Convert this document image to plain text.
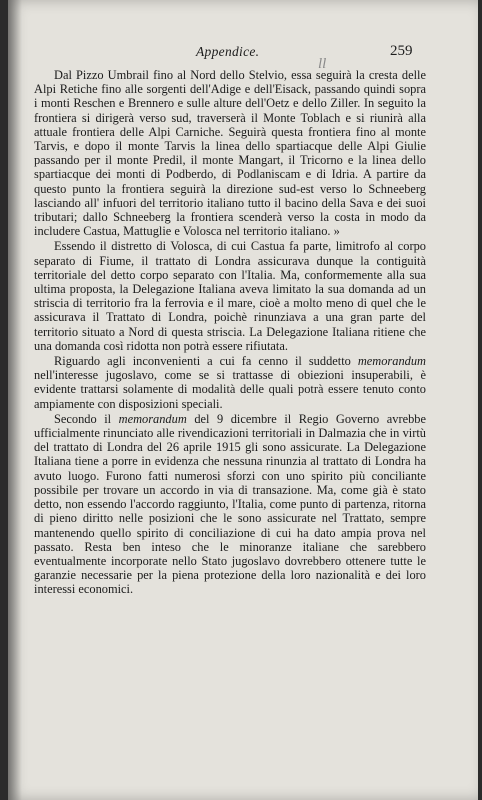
Appendice.	259
ll

Dal Pizzo Umbrail fino al Nord dello Stelvio, essa seguirà la cresta delle Alpi Retiche fino alle sorgenti dell'Adige e dell'Eisack, passando quindi sopra i monti Reschen e Brennero e sulle alture dell'Oetz e dello Ziller. In seguito la frontiera si dirigerà verso sud, traverserà il Monte Toblach e si riunirà alla attuale frontiera delle Alpi Carniche. Seguirà questa frontiera fino al monte Tarvis, e dopo il monte Tarvis la linea dello spartiacque delle Alpi Giulie passando per il monte Predil, il monte Mangart, il Tricorno e la linea dello spartiacque dei monti di Podberdo, di Podlaniscam e di Idria. A partire da questo punto la frontiera seguirà la direzione sud-est verso lo Schneeberg lasciando all' infuori del territorio italiano tutto il bacino della Sava e dei suoi tributari; dallo Schneeberg la frontiera scenderà verso la costa in modo da includere Castua, Mattuglie e Volosca nel territorio italiano. »

Essendo il distretto di Volosca, di cui Castua fa parte, limitrofo al corpo separato di Fiume, il trattato di Londra assicurava dunque la contiguità territoriale del detto corpo separato con l'Italia. Ma, conformemente alla sua ultima proposta, la Delegazione Italiana aveva limitato la sua domanda ad un striscia di territorio fra la ferrovia e il mare, cioè a molto meno di quel che le assicurava il Trattato di Londra, poichè rinunziava a una gran parte del territorio situato a Nord di questa striscia. La Delegazione Italiana ritiene che una domanda così ridotta non potrà essere rifiutata.

Riguardo agli inconvenienti a cui fa cenno il suddetto memorandum nell'interesse jugoslavo, come se si trattasse di obiezioni insuperabili, è evidente trattarsi solamente di modalità delle quali potrà essere tenuto conto ampiamente con disposizioni speciali.

Secondo il memorandum del 9 dicembre il Regio Governo avrebbe ufficialmente rinunciato alle rivendicazioni territoriali in Dalmazia che in virtù del trattato di Londra del 26 aprile 1915 gli sono assicurate. La Delegazione Italiana tiene a porre in evidenza che nessuna rinunzia al trattato di Londra ha avuto luogo. Furono fatti numerosi sforzi con uno spirito più conciliante possibile per trovare un accordo in via di transazione. Ma, come già è stato detto, non essendo l'accordo raggiunto, l'Italia, come punto di partenza, ritorna di pieno diritto nelle posizioni che le sono assicurate nel Trattato, sempre mantenendo quello spirito di conciliazione di cui ha dato ampia prova nel passato. Resta ben inteso che le minoranze italiane che sarebbero eventualmente incorporate nello Stato jugoslavo dovrebbero ottenere tutte le garanzie necessarie per la piena protezione della loro nazionalità e dei loro interessi economici.
